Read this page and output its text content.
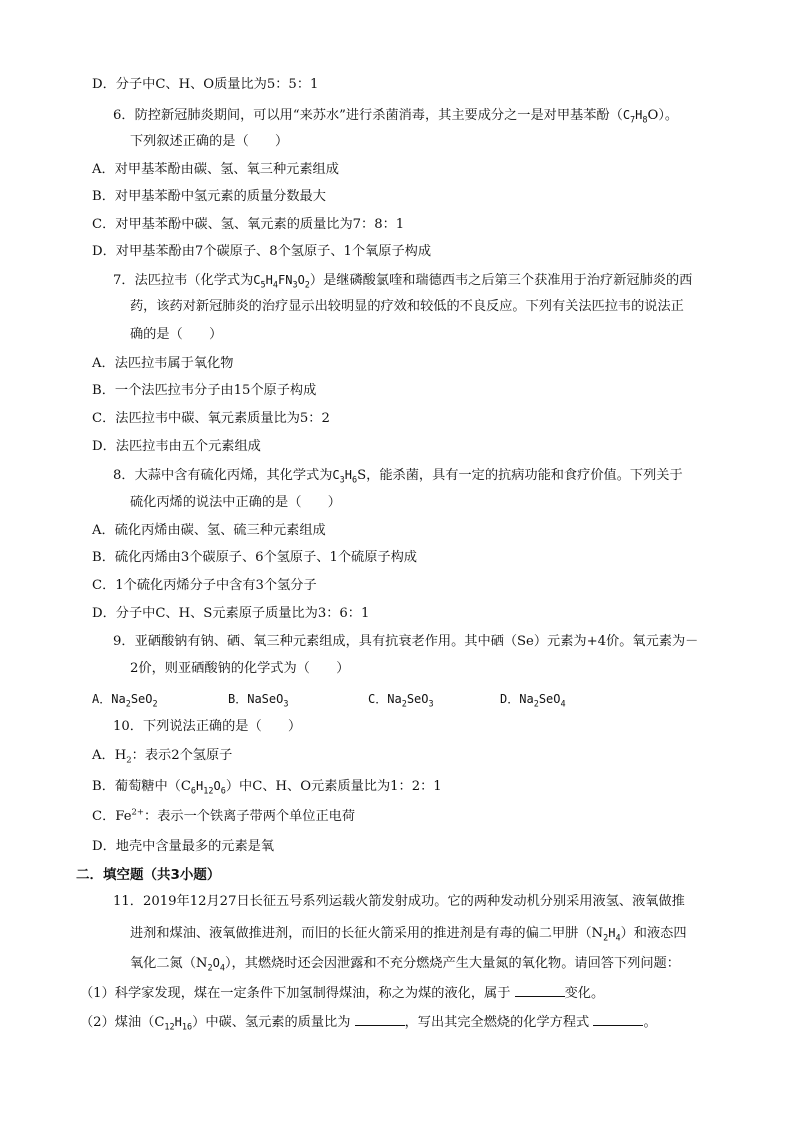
D．分子中C、H、O质量比为5：5：1
6．防控新冠肺炎期间，可以用“来苏水”进行杀菌消毒，其主要成分之一是对甲基苯酚$(C_7H_8O)$。
下列叙述正确的是（　　）
A．对甲基苯酚由碳、氢、氧三种元素组成
B．对甲基苯酚中氢元素的质量分数最大
C．对甲基苯酚中碳、氢、氧元素的质量比为7：8：1
D．对甲基苯酚由7个碳原子、8个氢原子、1个氧原子构成
7．法匹拉韦（化学式为$C_5H_4FN_3O_2$）是继磷酸氯喹和瑞德西韦之后第三个获准用于治疗新冠肺炎的西
药，该药对新冠肺炎的治疗显示出较明显的疗效和较低的不良反应。下列有关法匹拉韦的说法正
确的是（　　）
A．法匹拉韦属于氧化物
B．一个法匹拉韦分子由15个原子构成
C．法匹拉韦中碳、氧元素质量比为5：2
D．法匹拉韦由五个元素组成
8．大蒜中含有硫化丙烯，其化学式为$C_3H_6S$，能杀菌，具有一定的抗病功能和食疗价值。下列关于
硫化丙烯的说法中正确的是（　　）
A．硫化丙烯由碳、氢、硫三种元素组成
B．硫化丙烯由3个碳原子、6个氢原子、1个硫原子构成
C．1个硫化丙烯分子中含有3个氢分子
D．分子中C、H、S元素原子质量比为3：6：1
9．亚硒酸钠有钠、硒、氧三种元素组成，具有抗衰老作用。其中硒（Se）元素为+4价。氧元素为－
2价，则亚硒酸钠的化学式为（　　）
A．$Na_2SeO_2$	B．NaSeO$_3$	C．$Na_2SeO_3$	D．$Na_2SeO_4$
10．下列说法正确的是（　　）
A．$H_2$：表示2个氢原子
B．葡萄糖中$(C_6H_{12}O_6)$中C、H、O元素质量比为1：2：1
C．$Fe^{2+}$：表示一个铁离子带两个单位正电荷
D．地壳中含量最多的元素是氧
二．填空题（共3小题）
11．2019年12月27日长征五号系列运载火箭发射成功。它的两种发动机分别采用液氢、液氧做推
进剂和煤油、液氧做推进剂，而旧的长征火箭采用的推进剂是有毒的偏二甲肼$(N_2H_4)$和液态四
氧化二氮$(N_2O_4)$，其燃烧时还会因泄露和不充分燃烧产生大量氮的氧化物。请回答下列问题：
（1）科学家发现，煤在一定条件下加氢制得煤油，称之为煤的液化，属于	变化。
（2）煤油$(C_{12}H_{16})$中碳、氢元素的质量比为	，写出其完全燃烧的化学方程式	。
